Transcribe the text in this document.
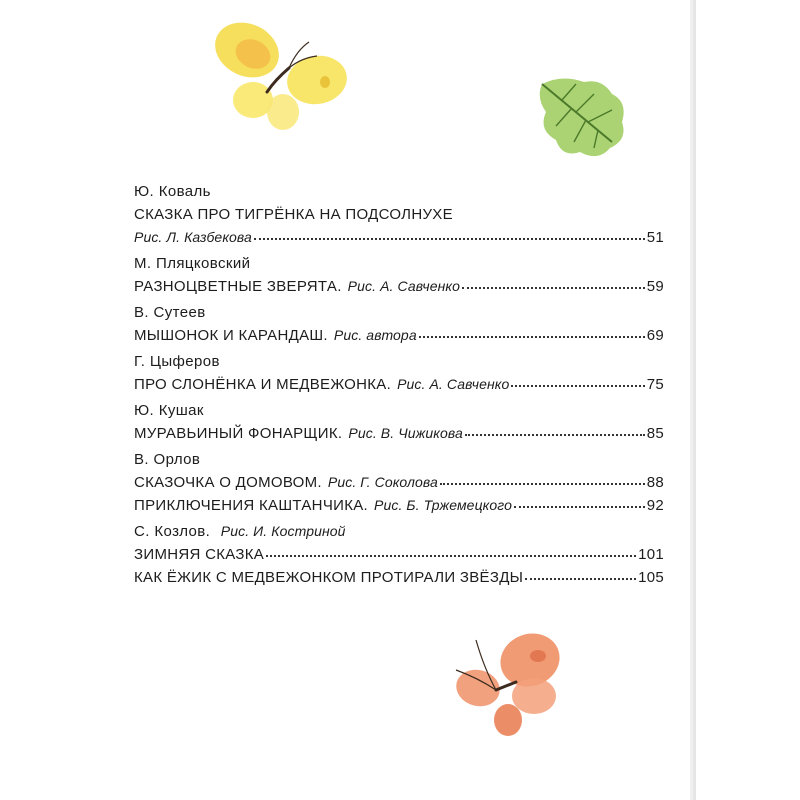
Ю. Коваль
СКАЗКА ПРО ТИГРЁНКА НА ПОДСОЛНУХЕ
Рис. Л. Казбекова	51
М. Пляцковский
РАЗНОЦВЕТНЫЕ ЗВЕРЯТА. Рис. А. Савченко	59
В. Сутеев
МЫШОНОК И КАРАНДАШ. Рис. автора	69
Г. Цыферов
ПРО СЛОНЁНКА И МЕДВЕЖОНКА. Рис. А. Савченко	75
Ю. Кушак
МУРАВЬИНЫЙ ФОНАРЩИК. Рис. В. Чижикова	85
В. Орлов
СКАЗОЧКА О ДОМОВОМ. Рис. Г. Соколова	88
ПРИКЛЮЧЕНИЯ КАШТАНЧИКА. Рис. Б. Тржемецкого	92
С. Козлов. Рис. И. Костриной
ЗИМНЯЯ СКАЗКА	101
КАК ЁЖИК С МЕДВЕЖОНКОМ ПРОТИРАЛИ ЗВЁЗДЫ	105
